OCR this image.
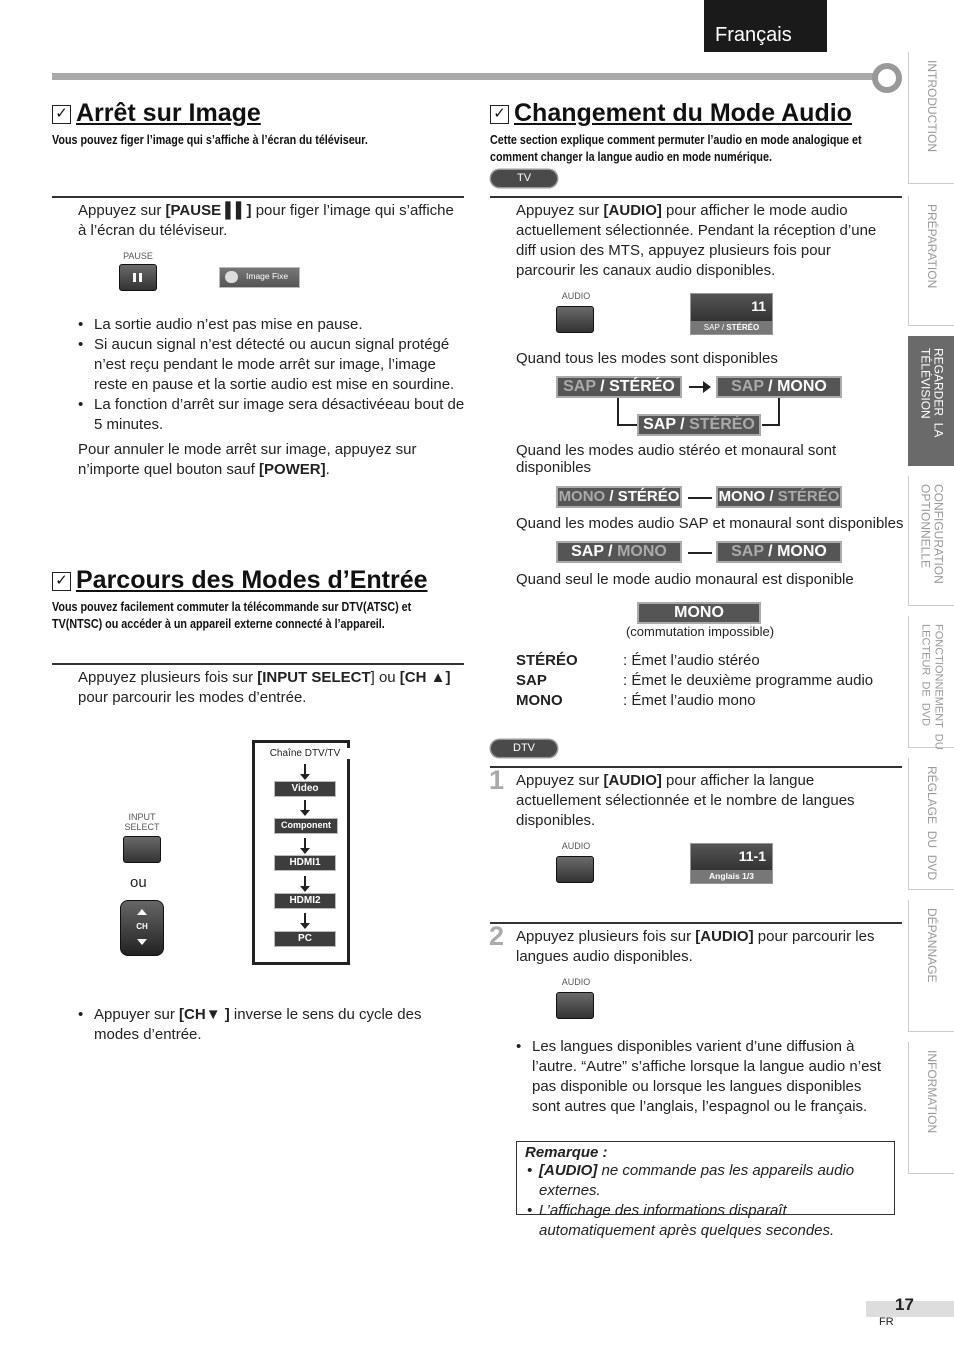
Français
INTRODUCTION
PRÉPARATION
REGARDER  LA
TÉLÉVISION
CONFIGURATION
OPTIONNELLE
FONCTIONNEMENT  DU
LECTEUR  DE  DVD
RÉGLAGE  DU  DVD
DÉPANNAGE
INFORMATION
✓ Arrêt sur Image
Vous pouvez figer l’image qui s’affiche à l’écran du téléviseur.
Appuyez sur [PAUSE ▌▌] pour figer l’image qui s’affiche à l’écran du téléviseur.
PAUSE
Image Fixe
• La sortie audio n’est pas mise en pause.
• Si aucun signal n’est détecté ou aucun signal protégé n’est reçu pendant le mode arrêt sur image, l’image reste en pause et la sortie audio est mise en sourdine.
• La fonction d’arrêt sur image sera désactivéeau bout de 5 minutes.
Pour annuler le mode arrêt sur image, appuyez sur n’importe quel bouton sauf [POWER].
✓ Parcours des Modes d’Entrée
Vous pouvez facilement commuter la télécommande sur DTV(ATSC) et TV(NTSC) ou accéder à un appareil externe connecté à l’appareil.
Appuyez plusieurs fois sur [INPUT SELECT] ou [CH ▲] pour parcourir les modes d’entrée.
INPUT
SELECT
ou
CH
Chaîne DTV/TV
Video
Component
HDMI1
HDMI2
PC
• Appuyer sur [CH▼ ] inverse le sens du cycle des modes d’entrée.
✓ Changement du Mode Audio
Cette section explique comment permuter l’audio en mode analogique et comment changer la langue audio en mode numérique.
TV
Appuyez sur [AUDIO] pour afficher le mode audio actuellement sélectionnée. Pendant la réception d’une diff usion des MTS, appuyez plusieurs fois pour parcourir les canaux audio disponibles.
AUDIO
11
SAP / STÉRÉO
Quand tous les modes sont disponibles
SAP / STÉRÉO	SAP / MONO
SAP / STÉRÉO
Quand les modes audio stéréo et monaural sont disponibles
MONO / STÉRÉO	MONO / STÉRÉO
Quand les modes audio SAP et monaural sont disponibles
SAP / MONO	SAP / MONO
Quand seul le mode audio monaural est disponible
MONO
(commutation impossible)
STÉRÉO	: Émet l’audio stéréo
SAP	: Émet le deuxième programme audio
MONO	: Émet l’audio mono
DTV
1 Appuyez sur [AUDIO] pour afficher la langue actuellement sélectionnée et le nombre de langues disponibles.
AUDIO
11-1
Anglais 1/3
2 Appuyez plusieurs fois sur [AUDIO] pour parcourir les langues audio disponibles.
AUDIO
• Les langues disponibles varient d’une diffusion à l’autre. “Autre” s’affiche lorsque la langue audio n’est pas disponible ou lorsque les langues disponibles sont autres que l’anglais, l’espagnol ou le français.
Remarque :
• [AUDIO] ne commande pas les appareils audio externes.
• L’affichage des informations disparaît automatiquement après quelques secondes.
17
FR
